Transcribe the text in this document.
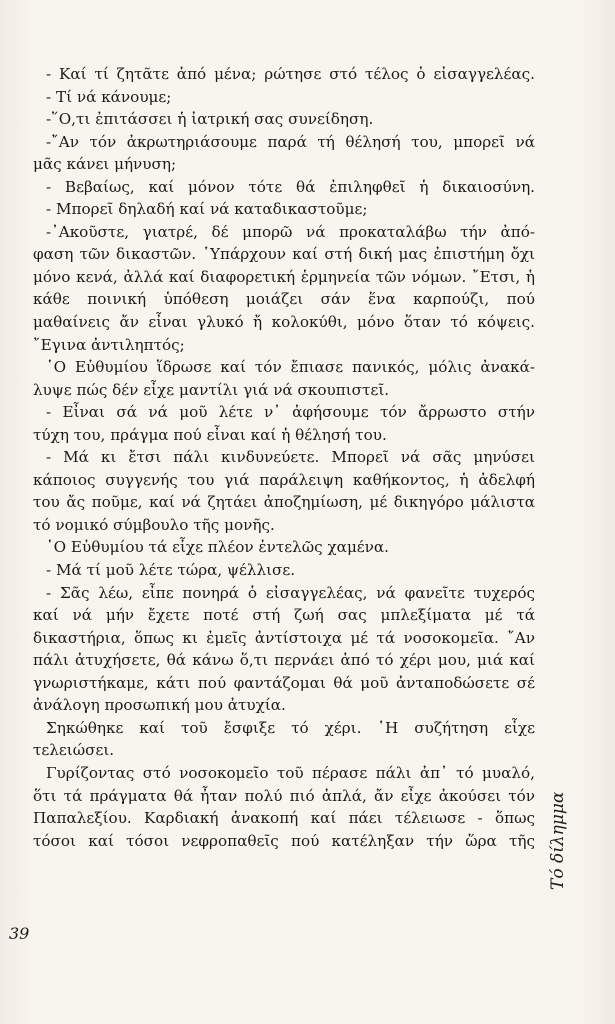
- Καί τί ζητᾶτε ἀπό μένα; ρώτησε στό τέλος ὁ εἰσαγγελέας.
- Τί νά κάνουμε;
-῞Ο,τι ἐπιτάσσει ἡ ἰατρική σας συνείδηση.
-῎Αν τόν ἀκρωτηριάσουμε παρά τή θέλησή του, μπορεῖ νά
μᾶς κάνει μήνυση;
- Βεβαίως, καί μόνον τότε θά ἐπιληφθεῖ ἡ δικαιοσύνη.
- Μπορεῖ δηλαδή καί νά καταδικαστοῦμε;
-᾿Ακοῦστε, γιατρέ, δέ μπορῶ νά προκαταλάβω τήν ἀπό-
φαση τῶν δικαστῶν. ῾Υπάρχουν καί στή δική μας ἐπιστήμη ὄχι
μόνο κενά, ἀλλά καί διαφορετική ἑρμηνεία τῶν νόμων. ῎Ετσι, ἡ
κάθε ποινική ὑπόθεση μοιάζει σάν ἕνα καρπούζι, πού
μαθαίνεις ἄν εἶναι γλυκό ἤ κολοκύθι, μόνο ὅταν τό κόψεις.
῎Εγινα ἀντιληπτός;
῾Ο Εὐθυμίου ἵδρωσε καί τόν ἔπιασε πανικός, μόλις ἀνακά-
λυψε πώς δέν εἶχε μαντίλι γιά νά σκουπιστεῖ.
- Εἶναι σά νά μοῦ λέτε ν᾿ ἀφήσουμε τόν ἄρρωστο στήν
τύχη του, πράγμα πού εἶναι καί ἡ θέλησή του.
- Μά κι ἔτσι πάλι κινδυνεύετε. Μπορεῖ νά σᾶς μηνύσει
κάποιος συγγενής του γιά παράλειψη καθήκοντος, ἡ ἀδελφή
του ἄς ποῦμε, καί νά ζητάει ἀποζημίωση, μέ δικηγόρο μάλιστα
τό νομικό σύμβουλο τῆς μονῆς.
῾Ο Εὐθυμίου τά εἶχε πλέον ἐντελῶς χαμένα.
- Μά τί μοῦ λέτε τώρα, ψέλλισε.
- Σᾶς λέω, εἶπε πονηρά ὁ εἰσαγγελέας, νά φανεῖτε τυχερός
καί νά μήν ἔχετε ποτέ στή ζωή σας μπλεξίματα μέ τά
δικαστήρια, ὅπως κι ἐμεῖς ἀντίστοιχα μέ τά νοσοκομεῖα. ῎Αν
πάλι ἀτυχήσετε, θά κάνω ὅ,τι περνάει ἀπό τό χέρι μου, μιά καί
γνωριστήκαμε, κάτι πού φαντάζομαι θά μοῦ ἀνταποδώσετε σέ
ἀνάλογη προσωπική μου ἀτυχία.
Σηκώθηκε καί τοῦ ἔσφιξε τό χέρι. ῾Η συζήτηση εἶχε
τελειώσει.
Γυρίζοντας στό νοσοκομεῖο τοῦ πέρασε πάλι ἀπ᾿ τό μυαλό,
ὅτι τά πράγματα θά ἦταν πολύ πιό ἁπλά, ἄν εἶχε ἀκούσει τόν
Παπαλεξίου. Καρδιακή ἀνακοπή καί πάει τέλειωσε - ὅπως
τόσοι καί τόσοι νεφροπαθεῖς πού κατέληξαν τήν ὥρα τῆς Τό δίλημμα
39
